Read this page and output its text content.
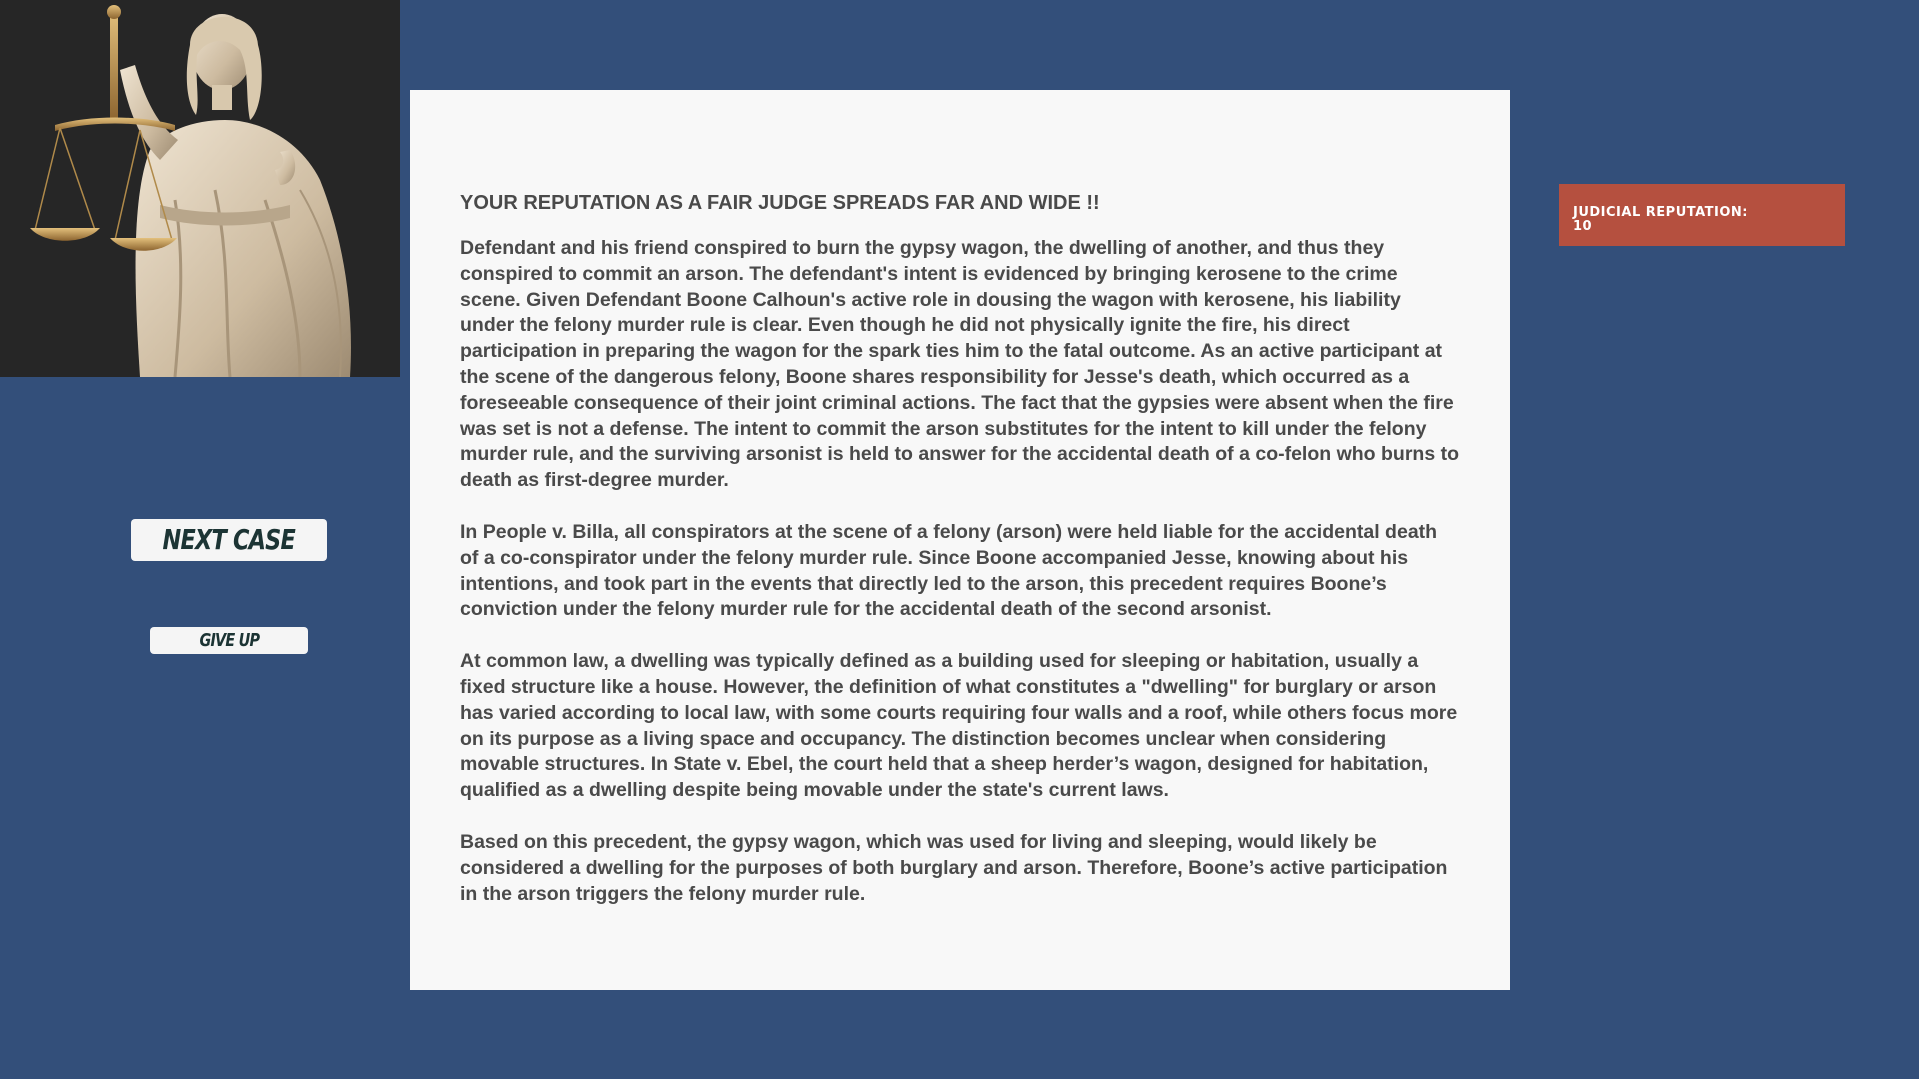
NEXT CASE
GIVE UP
YOUR REPUTATION AS A FAIR JUDGE SPREADS FAR AND WIDE !!

Defendant and his friend conspired to burn the gypsy wagon, the dwelling of another, and thus they conspired to commit an arson. The defendant's intent is evidenced by bringing kerosene to the crime scene. Given Defendant Boone Calhoun's active role in dousing the wagon with kerosene, his liability under the felony murder rule is clear. Even though he did not physically ignite the fire, his direct participation in preparing the wagon for the spark ties him to the fatal outcome. As an active participant at the scene of the dangerous felony, Boone shares responsibility for Jesse's death, which occurred as a foreseeable consequence of their joint criminal actions. The fact that the gypsies were absent when the fire was set is not a defense. The intent to commit the arson substitutes for the intent to kill under the felony murder rule, and the surviving arsonist is held to answer for the accidental death of a co-felon who burns to death as first-degree murder.

In People v. Billa, all conspirators at the scene of a felony (arson) were held liable for the accidental death of a co-conspirator under the felony murder rule. Since Boone accompanied Jesse, knowing about his intentions, and took part in the events that directly led to the arson, this precedent requires Boone’s conviction under the felony murder rule for the accidental death of the second arsonist.

At common law, a dwelling was typically defined as a building used for sleeping or habitation, usually a fixed structure like a house. However, the definition of what constitutes a "dwelling" for burglary or arson has varied according to local law, with some courts requiring four walls and a roof, while others focus more on its purpose as a living space and occupancy. The distinction becomes unclear when considering movable structures. In State v. Ebel, the court held that a sheep herder’s wagon, designed for habitation, qualified as a dwelling despite being movable under the state's current laws.

Based on this precedent, the gypsy wagon, which was used for living and sleeping, would likely be considered a dwelling for the purposes of both burglary and arson. Therefore, Boone’s active participation in the arson triggers the felony murder rule.

JUDICIAL REPUTATION:
10
